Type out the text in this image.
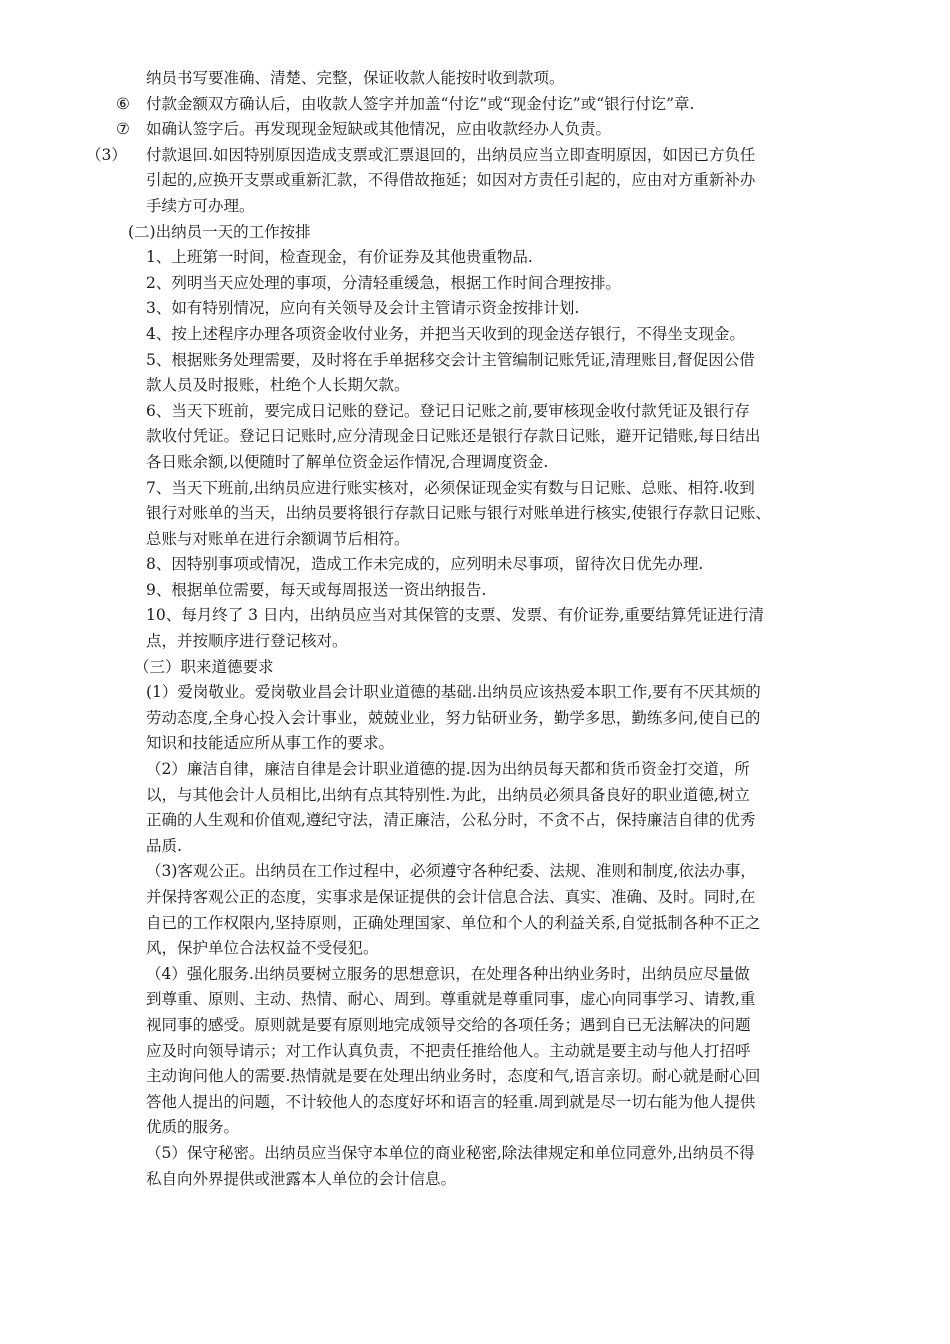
纳员书写要准确、清楚、完整，保证收款人能按时收到款项。
⑥ 付款金额双方确认后，由收款人签字并加盖“付讫”或“现金付讫”或“银行付讫”章.
⑦ 如确认签字后。再发现现金短缺或其他情况，应由收款经办人负责。
（3） 付款退回.如因特别原因造成支票或汇票退回的，出纳员应当立即查明原因，如因已方负任
引起的,应换开支票或重新汇款，不得借故拖延；如因对方责任引起的，应由对方重新补办
手续方可办理。
(二)出纳员一天的工作按排
1、上班第一时间，检查现金，有价证券及其他贵重物品.
2、列明当天应处理的事项，分清轻重缓急，根据工作时间合理按排。
3、如有特别情况，应向有关领导及会计主管请示资金按排计划.
4、按上述程序办理各项资金收付业务，并把当天收到的现金送存银行，不得坐支现金。
5、根据账务处理需要，及时将在手单据移交会计主管编制记账凭证,清理账目,督促因公借
款人员及时报账，杜绝个人长期欠款。
6、当天下班前，要完成日记账的登记。登记日记账之前,要审核现金收付款凭证及银行存
款收付凭证。登记日记账时,应分清现金日记账还是银行存款日记账，避开记错账,每日结出
各日账余额,以便随时了解单位资金运作情况,合理调度资金.
7、当天下班前,出纳员应进行账实核对，必须保证现金实有数与日记账、总账、相符.收到
银行对账单的当天，出纳员要将银行存款日记账与银行对账单进行核实,使银行存款日记账、
总账与对账单在进行余额调节后相符。
8、因特别事项或情况，造成工作未完成的，应列明未尽事项，留待次日优先办理.
9、根据单位需要，每天或每周报送一资出纳报告.
10、每月终了 3 日内，出纳员应当对其保管的支票、发票、有价证券,重要结算凭证进行清
点，并按顺序进行登记核对。
（三）职来道德要求
(1）爱岗敬业。爱岗敬业昌会计职业道德的基础.出纳员应该热爱本职工作,要有不厌其烦的
劳动态度,全身心投入会计事业，兢兢业业，努力钻研业务，勤学多思，勤练多问,使自已的
知识和技能适应所从事工作的要求。
（2）廉洁自律，廉洁自律是会计职业道德的提.因为出纳员每天都和货币资金打交道，所
以，与其他会计人员相比,出纳有点其特别性.为此，出纳员必须具备良好的职业道德,树立
正确的人生观和价值观,遵纪守法，清正廉洁，公私分时，不贪不占，保持廉洁自律的优秀
品质.
（3)客观公正。出纳员在工作过程中，必须遵守各种纪委、法规、准则和制度,依法办事，
并保持客观公正的态度，实事求是保证提供的会计信息合法、真实、准确、及时。同时,在
自已的工作权限内,坚持原则，正确处理国家、单位和个人的利益关系,自觉抵制各种不正之
风，保护单位合法权益不受侵犯。
（4）强化服务.出纳员要树立服务的思想意识，在处理各种出纳业务时，出纳员应尽量做
到尊重、原则、主动、热情、耐心、周到。尊重就是尊重同事，虚心向同事学习、请教,重
视同事的感受。原则就是要有原则地完成领导交给的各项任务；遇到自已无法解决的问题
应及时向领导请示；对工作认真负责，不把责任推给他人。主动就是要主动与他人打招呼
主动询问他人的需要.热情就是要在处理出纳业务时，态度和气,语言亲切。耐心就是耐心回
答他人提出的问题，不计较他人的态度好坏和语言的轻重.周到就是尽一切右能为他人提供
优质的服务。
（5）保守秘密。出纳员应当保守本单位的商业秘密,除法律规定和单位同意外,出纳员不得
私自向外界提供或泄露本人单位的会计信息。
